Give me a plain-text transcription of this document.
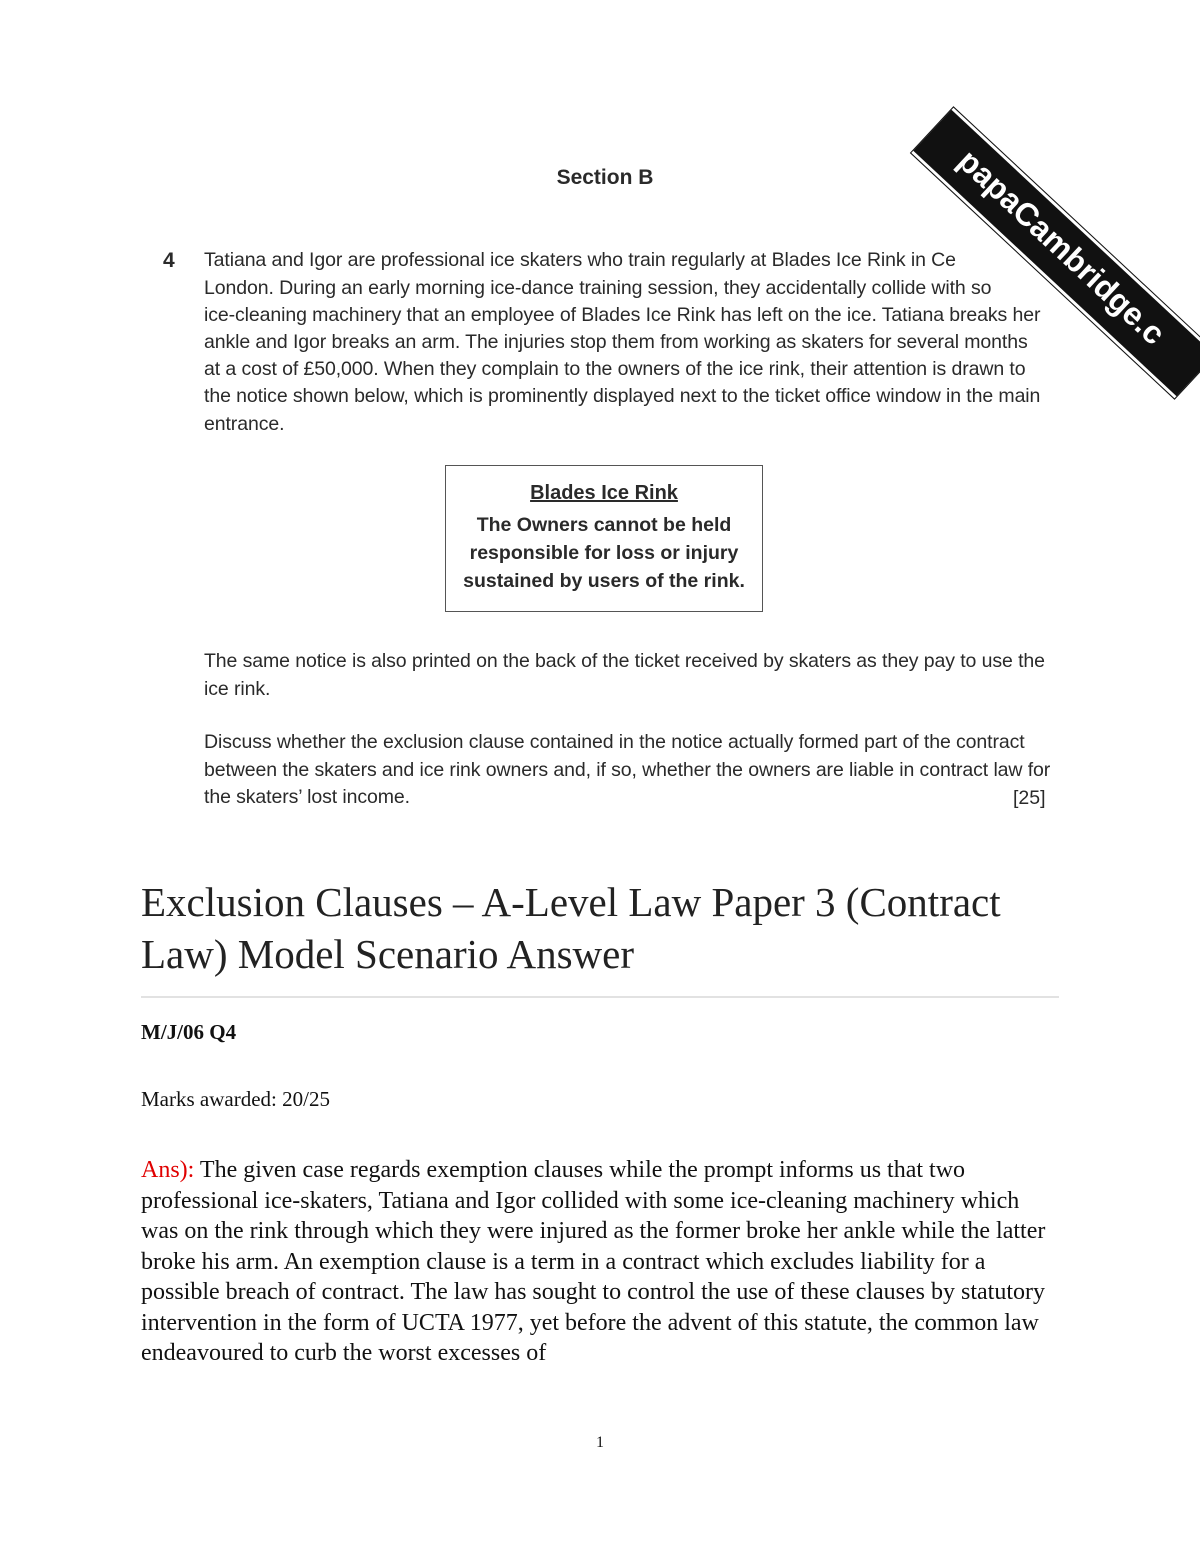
Section B
4 Tatiana and Igor are professional ice skaters who train regularly at Blades Ice Rink in Ce
London. During an early morning ice-dance training session, they accidentally collide with so
ice-cleaning machinery that an employee of Blades Ice Rink has left on the ice. Tatiana breaks her
ankle and Igor breaks an arm. The injuries stop them from working as skaters for several months
at a cost of £50,000. When they complain to the owners of the ice rink, their attention is drawn to
the notice shown below, which is prominently displayed next to the ticket office window in the main
entrance.
Blades Ice Rink
The Owners cannot be held responsible for loss or injury sustained by users of the rink.

The same notice is also printed on the back of the ticket received by skaters as they pay to use the ice rink.

Discuss whether the exclusion clause contained in the notice actually formed part of the contract between the skaters and ice rink owners and, if so, whether the owners are liable in contract law for the skaters’ lost income.	[25]
papaCambridge.c
Exclusion Clauses – A-Level Law Paper 3 (Contract Law) Model Scenario Answer
M/J/06 Q4
Marks awarded: 20/25

Ans): The given case regards exemption clauses while the prompt informs us that two professional ice-skaters, Tatiana and Igor collided with some ice-cleaning machinery which was on the rink through which they were injured as the former broke her ankle while the latter broke his arm. An exemption clause is a term in a contract which excludes liability for a possible breach of contract. The law has sought to control the use of these clauses by statutory intervention in the form of UCTA 1977, yet before the advent of this statute, the common law endeavoured to curb the worst excesses of

1
